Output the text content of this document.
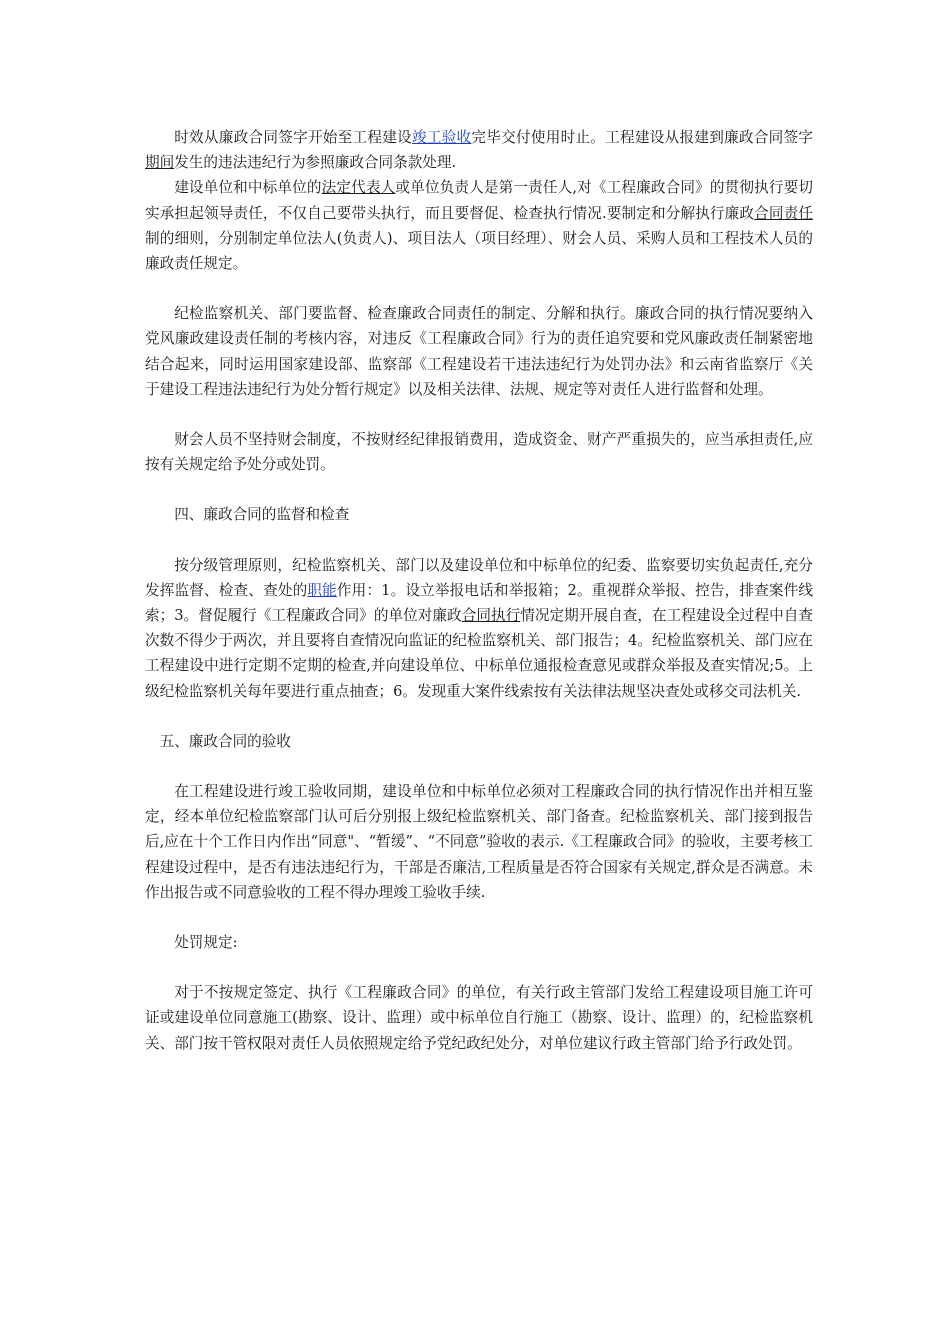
时效从廉政合同签字开始至工程建设竣工验收完毕交付使用时止。工程建设从报建到廉政合同签字期间发生的违法违纪行为参照廉政合同条款处理.

建设单位和中标单位的法定代表人或单位负责人是第一责任人,对《工程廉政合同》的贯彻执行要切实承担起领导责任，不仅自己要带头执行，而且要督促、检查执行情况.要制定和分解执行廉政合同责任制的细则，分别制定单位法人(负责人)、项目法人（项目经理）、财会人员、采购人员和工程技术人员的廉政责任规定。

纪检监察机关、部门要监督、检查廉政合同责任的制定、分解和执行。廉政合同的执行情况要纳入党风廉政建设责任制的考核内容，对违反《工程廉政合同》行为的责任追究要和党风廉政责任制紧密地结合起来，同时运用国家建设部、监察部《工程建设若干违法违纪行为处罚办法》和云南省监察厅《关于建设工程违法违纪行为处分暂行规定》以及相关法律、法规、规定等对责任人进行监督和处理。

财会人员不坚持财会制度，不按财经纪律报销费用，造成资金、财产严重损失的，应当承担责任,应按有关规定给予处分或处罚。

四、廉政合同的监督和检查

按分级管理原则，纪检监察机关、部门以及建设单位和中标单位的纪委、监察要切实负起责任,充分发挥监督、检查、查处的职能作用：1。设立举报电话和举报箱；2。重视群众举报、控告，排查案件线索；3。督促履行《工程廉政合同》的单位对廉政合同执行情况定期开展自查，在工程建设全过程中自查次数不得少于两次，并且要将自查情况向监证的纪检监察机关、部门报告；4。纪检监察机关、部门应在工程建设中进行定期不定期的检查,并向建设单位、中标单位通报检查意见或群众举报及查实情况;5。上级纪检监察机关每年要进行重点抽查；6。发现重大案件线索按有关法律法规坚决查处或移交司法机关.

五、廉政合同的验收

在工程建设进行竣工验收同期，建设单位和中标单位必须对工程廉政合同的执行情况作出并相互鉴定，经本单位纪检监察部门认可后分别报上级纪检监察机关、部门备查。纪检监察机关、部门接到报告后,应在十个工作日内作出“同意"、“暂缓”、“不同意”验收的表示.《工程廉政合同》的验收，主要考核工程建设过程中，是否有违法违纪行为，干部是否廉洁,工程质量是否符合国家有关规定,群众是否满意。未作出报告或不同意验收的工程不得办理竣工验收手续.

处罚规定:

对于不按规定签定、执行《工程廉政合同》的单位，有关行政主管部门发给工程建设项目施工许可证或建设单位同意施工(勘察、设计、监理）或中标单位自行施工（勘察、设计、监理）的，纪检监察机关、部门按干管权限对责任人员依照规定给予党纪政纪处分，对单位建议行政主管部门给予行政处罚。
